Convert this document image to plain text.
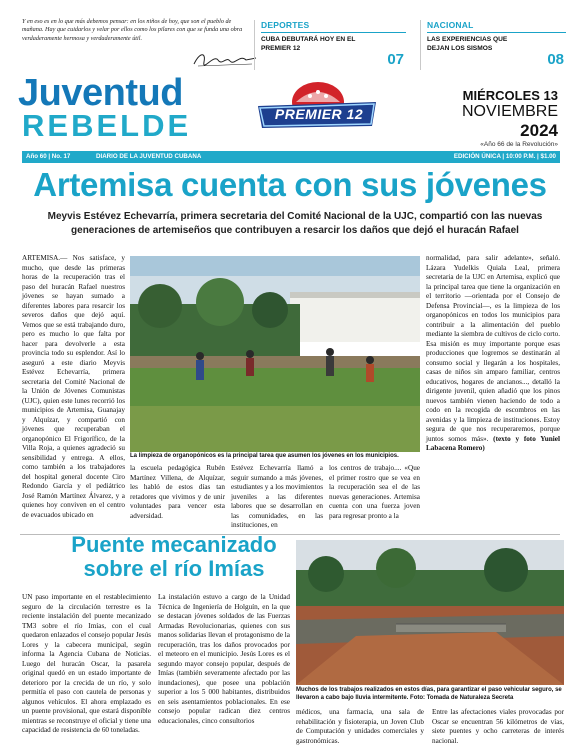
Y en eso es en lo que más debemos pensar: en los niños de hoy, que son el pueblo de mañana. Hay que cuidarlos y velar por ellos como los pilares con que se funda una obra verdaderamente hermosa y verdaderamente útil.
DEPORTES
CUBA DEBUTARÁ HOY EN EL PREMIER 12
07
NACIONAL
LAS EXPERIENCIAS QUE DEJAN LOS SISMOS
08
Juventud
REBELDE	PREMIER 12
MIÉRCOLES 13
NOVIEMBRE
2024
«Año 66 de la Revolución»
Año 60 | No. 17	DIARIO DE LA JUVENTUD CUBANA	EDICIÓN ÚNICA | 10:00 P.M. | $1.00
Artemisa cuenta con sus jóvenes
Meyvis Estévez Echevarría, primera secretaria del Comité Nacional de la UJC, compartió con las nuevas generaciones de artemiseños que contribuyen a resarcir los daños que dejó el huracán Rafael
ARTEMISA.— Nos satisface, y mucho, que desde las primeras horas de la recuperación tras el paso del huracán Rafael nuestros jóvenes se hayan sumado a diferentes labores para resarcir los severos daños que dejó aquí. Vemos que se está trabajando duro, pero es mucho lo que falta por hacer para devolverle a esta provincia todo su esplendor. Así lo aseguró a este diario Meyvis Estévez Echevarría, primera secretaria del Comité Nacional de la Unión de Jóvenes Comunistas (UJC), quien este lunes recorrió los municipios de Artemisa, Guanajay y Alquízar, y compartió con jóvenes que recuperaban el organopónico El Frigorífico, de la Villa Roja, a quienes agradeció su sensibilidad y entrega. A ellos, como también a los trabajadores del hospital general docente Ciro Redondo García y el pediátrico José Ramón Martínez Álvarez, y a quienes hoy conviven en el centro de evacuados ubicado en
La limpieza de organopónicos es la principal tarea que asumen los jóvenes en los municipios.
la escuela pedagógica Rubén Martínez Villena, de Alquízar, les habló de estos días tan retadores que vivimos y de unir voluntades para vencer esta adversidad.
Estévez Echevarría llamó a seguir sumando a más jóvenes, estudiantes y a los movimientos juveniles a las diferentes labores que se desarrollan en las comunidades, en las instituciones, en
los centros de trabajo.... «Que el primer rostro que se vea en la recuperación sea el de las nuevas generaciones. Artemisa cuenta con una fuerza joven para regresar pronto a la
normalidad, para salir adelante», señaló. Lázara Yudelkis Quiala Leal, primera secretaria de la UJC en Artemisa, explicó que la principal tarea que tiene la organización en el territorio —orientada por el Consejo de Defensa Provincial—, es la limpieza de los organopónicos en todos los municipios para contribuir a la alimentación del pueblo mediante la siembra de cultivos de ciclo corto. Esa misión es muy importante porque esas producciones que logremos se destinarán al consumo social y llegarán a los hospitales, casas de niños sin amparo familiar, centros educativos, hogares de ancianos..., detalló la dirigente juvenil, quien añadió que los pinos nuevos también vienen haciendo de todo a codo en la recogida de escombros en las avenidas y la limpieza de instituciones. Estoy segura de que nos recuperaremos, porque juntos somos más». (texto y foto Yuniel Labacena Romero)
Puente mecanizado sobre el río Imías
Muchos de los trabajos realizados en estos días, para garantizar el paso vehicular seguro, se llevaron a cabo bajo lluvia intermitente. Foto: Tomada de Naturaleza Secreta
UN paso importante en el restablecimiento seguro de la circulación terrestre es la reciente instalación del puente mecanizado TM3 sobre el río Imías, con el cual quedaron enlazados el consejo popular Jesús Lores y la cabecera municipal, según informa la Agencia Cubana de Noticias. Luego del huracán Oscar, la pasarela original quedó en un estado importante de deterioro por la crecida de un río, y solo permitía el paso con cautela de personas y algunos vehículos. El ahora emplazado es un puente provisional, que estará disponible mientras se reconstruye el oficial y tiene una capacidad de resistencia de 60 toneladas.
La instalación estuvo a cargo de la Unidad Técnica de Ingeniería de Holguín, en la que se destacan jóvenes soldados de las Fuerzas Armadas Revolucionarias, quienes con sus manos solidarias llevan el protagonismo de la recuperación, tras los daños provocados por el meteoro en el municipio. Jesús Lores es el segundo mayor consejo popular, después de Imías (también severamente afectado por las inundaciones), que posee una población superior a los 5 000 habitantes, distribuidos en seis asentamientos poblacionales. En ese consejo popular radican diez centros educacionales, cinco consultorios
médicos, una farmacia, una sala de rehabilitación y fisioterapia, un Joven Club de Computación y unidades comerciales y gastronómicas.
Entre las afectaciones viales provocadas por Oscar se encuentran 56 kilómetros de vías, siete puentes y ocho carreteras de interés nacional.
